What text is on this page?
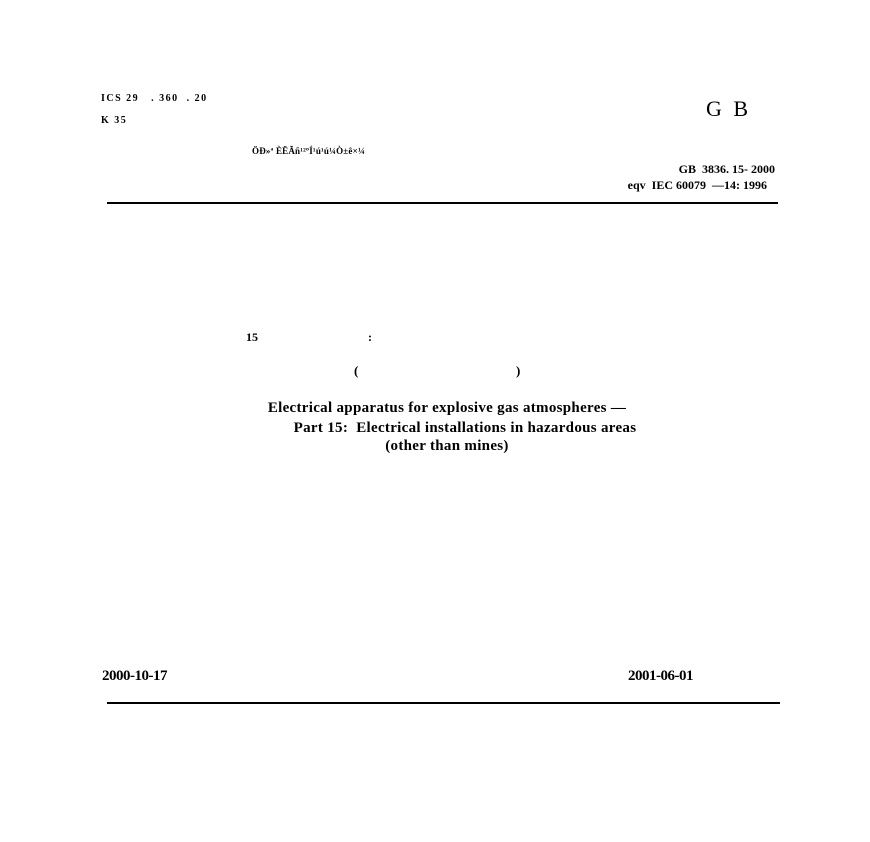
ICS 29   . 360  . 20
K 35	G B
ÖÐ»ª ÈËÃñ¹²ºÍ¹ú¹ú¼Ò±ê×¼
GB  3836. 15- 2000
eqv  IEC 60079  —14: 1996
15	:
(	)
Electrical apparatus for explosive gas atmospheres —
Part 15:  Electrical installations in hazardous areas
(other than mines)
2000-10-17	2001-06-01
